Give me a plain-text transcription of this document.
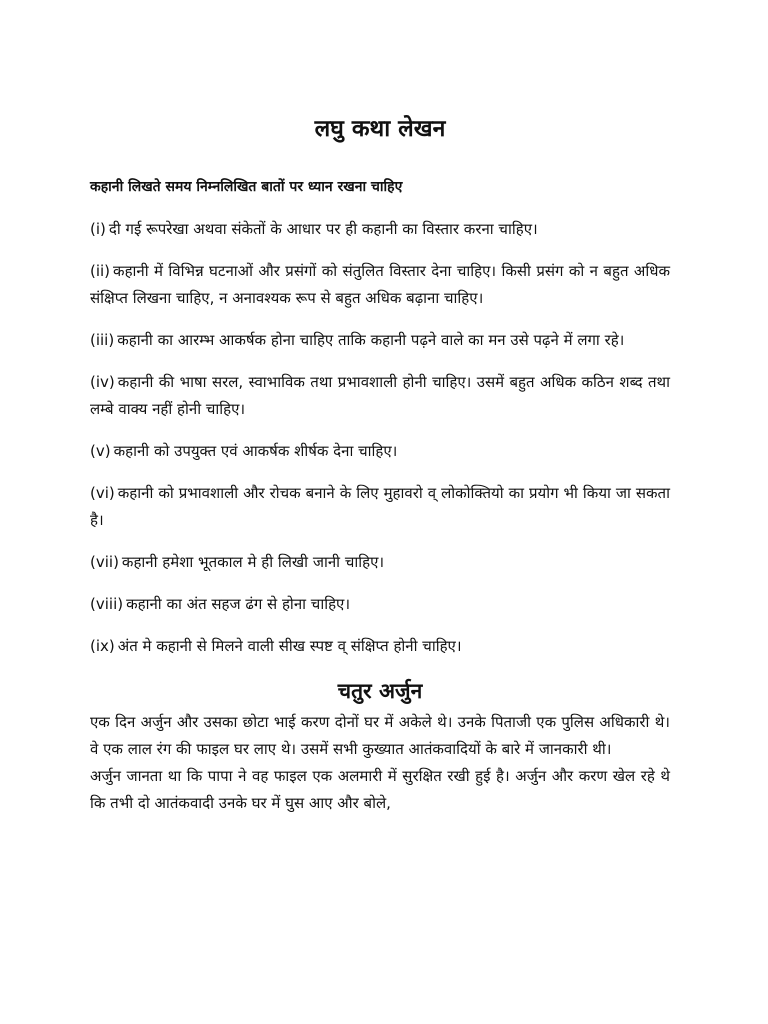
लघु कथा लेखन

कहानी लिखते समय निम्नलिखित बातों पर ध्यान रखना चाहिए

(i) दी गई रूपरेखा अथवा संकेतों के आधार पर ही कहानी का विस्तार करना चाहिए।
(ii) कहानी में विभिन्न घटनाओं और प्रसंगों को संतुलित विस्तार देना चाहिए। किसी प्रसंग को न बहुत अधिक संक्षिप्त लिखना चाहिए, न अनावश्यक रूप से बहुत अधिक बढ़ाना चाहिए।
(iii) कहानी का आरम्भ आकर्षक होना चाहिए ताकि कहानी पढ़ने वाले का मन उसे पढ़ने में लगा रहे।
(iv) कहानी की भाषा सरल, स्वाभाविक तथा प्रभावशाली होनी चाहिए। उसमें बहुत अधिक कठिन शब्द तथा लम्बे वाक्य नहीं होनी चाहिए।
(v) कहानी को उपयुक्त एवं आकर्षक शीर्षक देना चाहिए।
(vi) कहानी को प्रभावशाली और रोचक बनाने के लिए मुहावरो व् लोकोक्तियो का प्रयोग भी किया जा सकता है।
(vii) कहानी हमेशा भूतकाल मे ही लिखी जानी चाहिए।
(viii) कहानी का अंत सहज ढंग से होना चाहिए।
(ix) अंत मे कहानी से मिलने वाली सीख स्पष्ट व् संक्षिप्त होनी चाहिए।
चतुर अर्जुन

एक दिन अर्जुन और उसका छोटा भाई करण दोनों घर में अकेले थे। उनके पिताजी एक पुलिस अधिकारी थे। वे एक लाल रंग की फाइल घर लाए थे। उसमें सभी कुख्यात आतंकवादियों के बारे में जानकारी थी।

अर्जुन जानता था कि पापा ने वह फाइल एक अलमारी में सुरक्षित रखी हुई है। अर्जुन और करण खेल रहे थे कि तभी दो आतंकवादी उनके घर में घुस आए और बोले,
